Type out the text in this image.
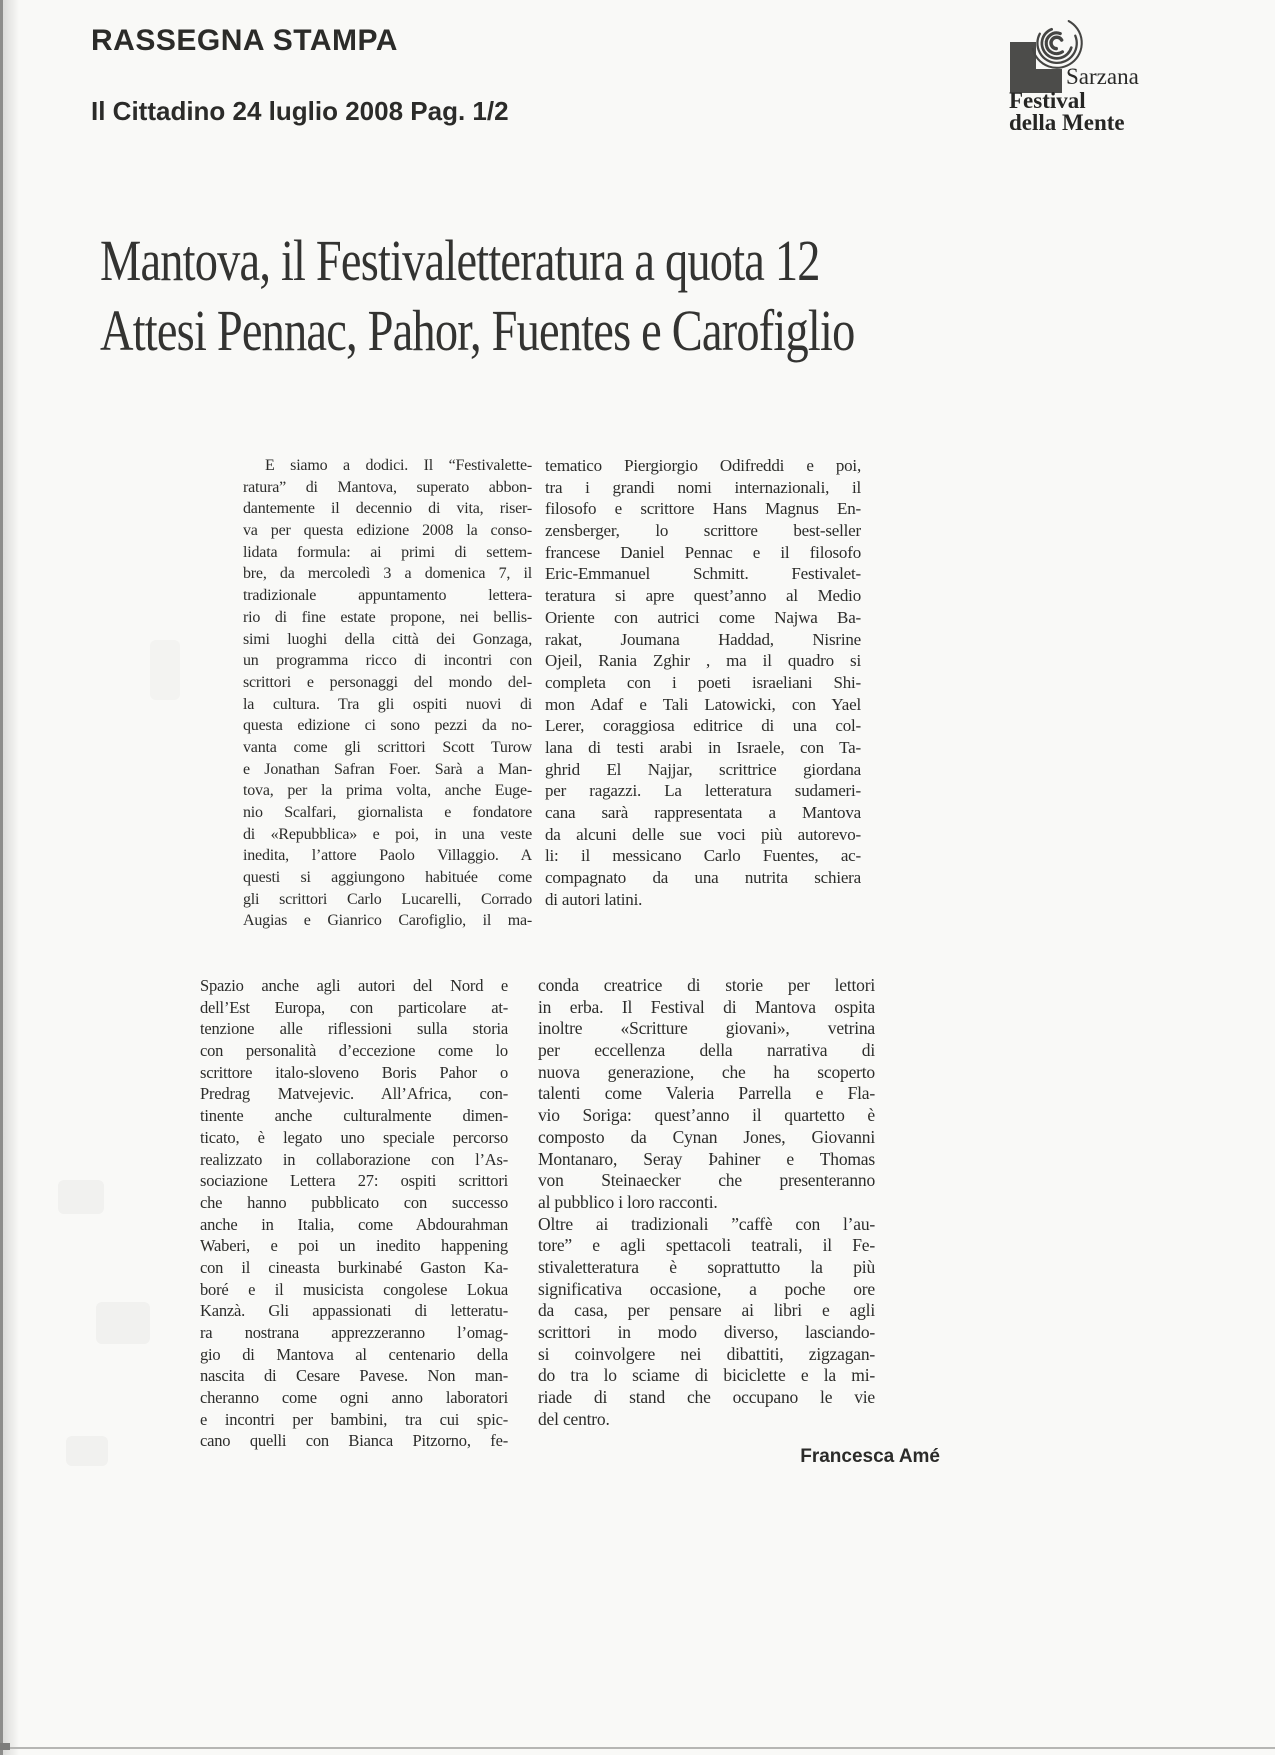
RASSEGNA STAMPA
Il Cittadino 24 luglio 2008 Pag. 1/2
Sarzana
Festival
della Mente
Mantova, il Festivaletteratura a quota 12
Attesi Pennac, Pahor, Fuentes e Carofiglio
E siamo a dodici. Il “Festivalette-
ratura” di Mantova, superato abbon-
dantemente il decennio di vita, riser-
va per questa edizione 2008 la conso-
lidata formula: ai primi di settem-
bre, da mercoledì 3 a domenica 7, il
tradizionale appuntamento lettera-
rio di fine estate propone, nei bellis-
simi luoghi della città dei Gonzaga,
un programma ricco di incontri con
scrittori e personaggi del mondo del-
la cultura. Tra gli ospiti nuovi di
questa edizione ci sono pezzi da no-
vanta come gli scrittori Scott Turow
e Jonathan Safran Foer. Sarà a Man-
tova, per la prima volta, anche Euge-
nio Scalfari, giornalista e fondatore
di «Repubblica» e poi, in una veste
inedita, l’attore Paolo Villaggio. A
questi si aggiungono habituée come
gli scrittori Carlo Lucarelli, Corrado
Augias e Gianrico Carofiglio, il ma-
tematico Piergiorgio Odifreddi e poi,
tra i grandi nomi internazionali, il
filosofo e scrittore Hans Magnus En-
zensberger, lo scrittore best-seller
francese Daniel Pennac e il filosofo
Eric-Emmanuel Schmitt. Festivalet-
teratura si apre quest’anno al Medio
Oriente con autrici come Najwa Ba-
rakat, Joumana Haddad, Nisrine
Ojeil, Rania Zghir , ma il quadro si
completa con i poeti israeliani Shi-
mon Adaf e Tali Latowicki, con Yael
Lerer, coraggiosa editrice di una col-
lana di testi arabi in Israele, con Ta-
ghrid El Najjar, scrittrice giordana
per ragazzi. La letteratura sudameri-
cana sarà rappresentata a Mantova
da alcuni delle sue voci più autorevo-
li: il messicano Carlo Fuentes, ac-
compagnato da una nutrita schiera
di autori latini.
Spazio anche agli autori del Nord e
dell’Est Europa, con particolare at-
tenzione alle riflessioni sulla storia
con personalità d’eccezione come lo
scrittore italo-sloveno Boris Pahor o
Predrag Matvejevic. All’Africa, con-
tinente anche culturalmente dimen-
ticato, è legato uno speciale percorso
realizzato in collaborazione con l’As-
sociazione Lettera 27: ospiti scrittori
che hanno pubblicato con successo
anche in Italia, come Abdourahman
Waberi, e poi un inedito happening
con il cineasta burkinabé Gaston Ka-
boré e il musicista congolese Lokua
Kanzà. Gli appassionati di letteratu-
ra nostrana apprezzeranno l’omag-
gio di Mantova al centenario della
nascita di Cesare Pavese. Non man-
cheranno come ogni anno laboratori
e incontri per bambini, tra cui spic-
cano quelli con Bianca Pitzorno, fe-
conda creatrice di storie per lettori
in erba. Il Festival di Mantova ospita
inoltre «Scritture giovani», vetrina
per eccellenza della narrativa di
nuova generazione, che ha scoperto
talenti come Valeria Parrella e Fla-
vio Soriga: quest’anno il quartetto è
composto da Cynan Jones, Giovanni
Montanaro, Seray Þahiner e Thomas
von Steinaecker che presenteranno
al pubblico i loro racconti.
Oltre ai tradizionali ”caffè con l’au-
tore” e agli spettacoli teatrali, il Fe-
stivaletteratura è soprattutto la più
significativa occasione, a poche ore
da casa, per pensare ai libri e agli
scrittori in modo diverso, lasciando-
si coinvolgere nei dibattiti, zigzagan-
do tra lo sciame di biciclette e la mi-
riade di stand che occupano le vie
del centro.
Francesca Amé
